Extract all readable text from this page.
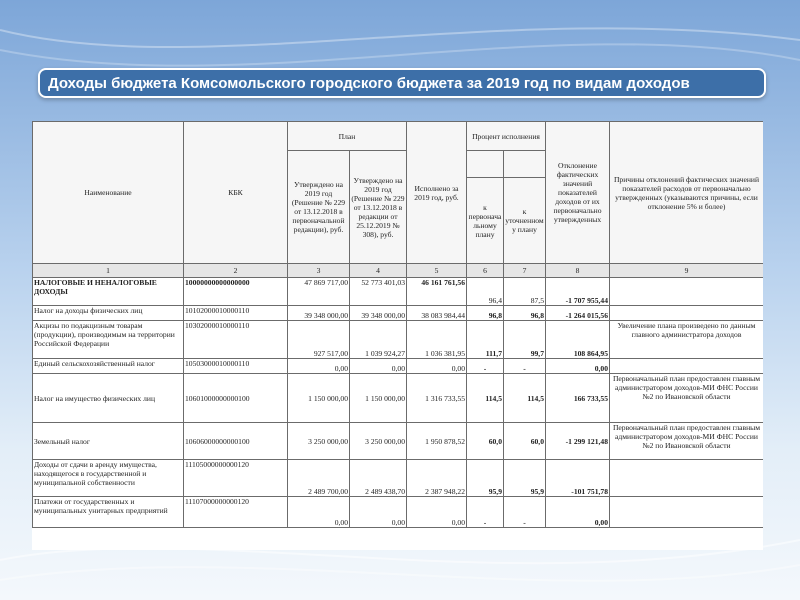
Доходы бюджета Комсомольского городского бюджета за 2019 год по видам доходов
Наименование	КБК	План		Исполнено за 2019 год, руб.	Процент исполнения		Отклонение фактических значений показателей доходов от их первоначально утвержденных	Причины отклонений фактических значений показателей расходов от первоначально утвержденных (указываются причины, если отклонение 5% и более)
		Утверждено на 2019 год (Решение № 229 от 13.12.2018 в первоначальной редакции), руб.	Утверждено на 2019 год (Решение № 229 от 13.12.2018 в редакции от 25.12.2019 № 308), руб.					
					к первоначальному плану	к уточненному плану		
1	2	3	4	5	6	7	8	9
НАЛОГОВЫЕ И НЕНАЛОГОВЫЕ ДОХОДЫ	10000000000000000	47 869 717,00	52 773 401,03	46 161 761,56	96,4	87,5	-1 707 955,44	
Налог на доходы физических лиц	10102000010000110	39 348 000,00	39 348 000,00	38 083 984,44	96,8	96,8	-1 264 015,56	
Акцизы по подакцизным товарам (продукции), производимым на территории Российской Федерации	10302000010000110	927 517,00	1 039 924,27	1 036 381,95	111,7	99,7	108 864,95	Увеличение плана произведено по данным главного администратора доходов
Единый сельскохозяйственный налог	10503000010000110	0,00	0,00	0,00	-	-	0,00	
Налог на имущество физических лиц	10601000000000100	1 150 000,00	1 150 000,00	1 316 733,55	114,5	114,5	166 733,55	Первоначальный план предоставлен главным администратором доходов-МИ ФНС России №2 по Ивановской области
Земельный налог	10606000000000100	3 250 000,00	3 250 000,00	1 950 878,52	60,0	60,0	-1 299 121,48	Первоначальный план предоставлен главным администратором доходов-МИ ФНС России №2 по Ивановской области
Доходы от сдачи в аренду имущества, находящегося в государственной и муниципальной собственности	11105000000000120	2 489 700,00	2 489 438,70	2 387 948,22	95,9	95,9	-101 751,78	
Платежи от государственных и муниципальных унитарных предприятий	11107000000000120	0,00	0,00	0,00	-	-	0,00	
